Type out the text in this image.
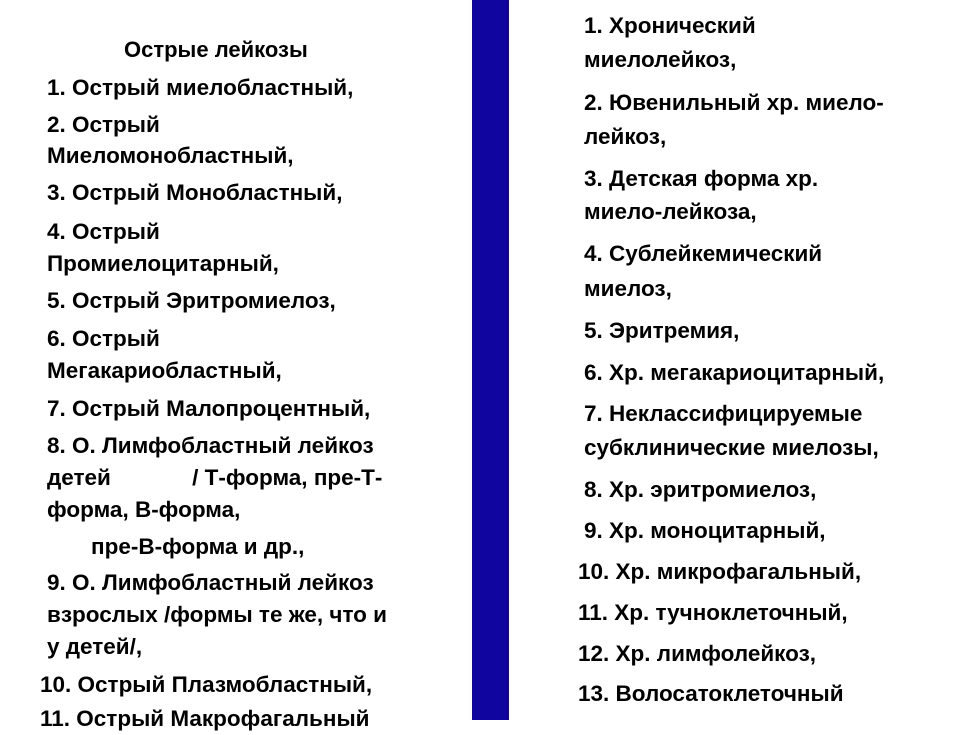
Острые лейкозы

1. Острый миелобластный,

2. Острый

Миеломонобластный,

3. Острый Монобластный,

4. Острый

Промиелоцитарный,

5. Острый Эритромиелоз,

6. Острый

Мегакариобластный,

7. Острый Малопроцентный,

8. О. Лимфобластный лейкоз

детей             / Т-форма, пре-Т-

форма, В-форма,

пре-В-форма и др.,

9. О. Лимфобластный лейкоз

взрослых /формы те же, что и

у детей/,

10. Острый Плазмобластный,

11. Острый Макрофагальный

1. Хронический

миелолейкоз,

2. Ювенильный хр. миело-

лейкоз,

3. Детская форма хр.

миело-лейкоза,

4. Сублейкемический

миелоз,

5. Эритремия,

6. Хр. мегакариоцитарный,

7. Неклассифицируемые

субклинические миелозы,

8. Хр. эритромиелоз,

9. Хр. моноцитарный,

10. Хр. микрофагальный,

11. Хр. тучноклеточный,

12. Хр. лимфолейкоз,

13. Волосатоклеточный
